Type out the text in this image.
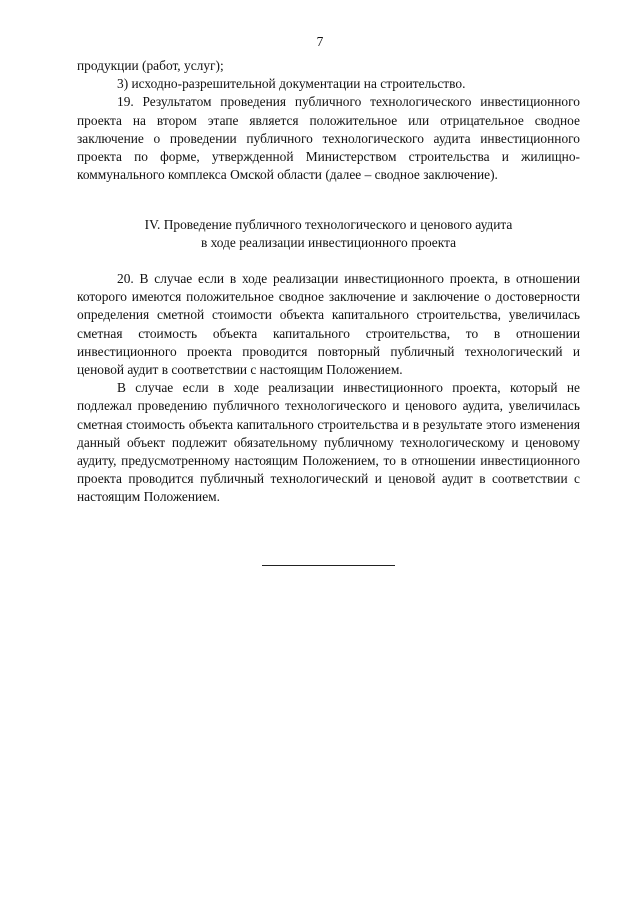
7

продукции (работ, услуг);

3) исходно-разрешительной документации на строительство.

19. Результатом проведения публичного технологического инвестиционного проекта на втором этапе является положительное или отрицательное сводное заключение о проведении публичного технологического аудита инвестиционного проекта по форме, утвержденной Министерством строительства и жилищно-коммунального комплекса Омской области (далее – сводное заключение).

IV. Проведение публичного технологического и ценового аудита
в ходе реализации инвестиционного проекта

20. В случае если в ходе реализации инвестиционного проекта, в отношении которого имеются положительное сводное заключение и заключение о достоверности определения сметной стоимости объекта капитального строительства, увеличилась сметная стоимость объекта капитального строительства, то в отношении инвестиционного проекта проводится повторный публичный технологический и ценовой аудит в соответствии с настоящим Положением.

В случае если в ходе реализации инвестиционного проекта, который не подлежал проведению публичного технологического и ценового аудита, увеличилась сметная стоимость объекта капитального строительства и в результате этого изменения данный объект подлежит обязательному публичному технологическому и ценовому аудиту, предусмотренному настоящим Положением, то в отношении инвестиционного проекта проводится публичный технологический и ценовой аудит в соответствии с настоящим Положением.
